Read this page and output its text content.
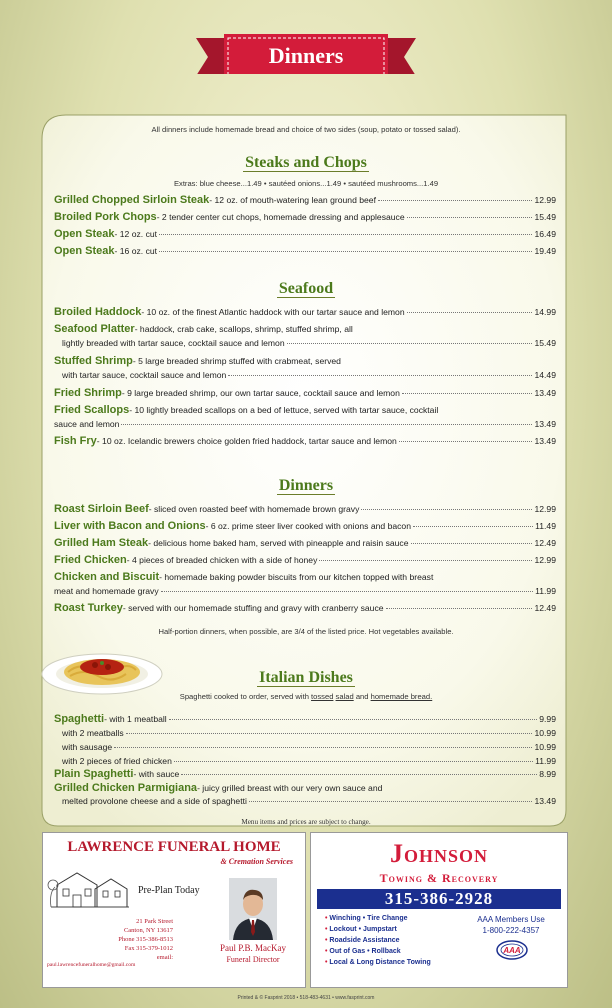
Dinners
All dinners include homemade bread and choice of two sides (soup, potato or tossed salad).
Steaks and Chops
Extras: blue cheese...1.49 • sautéed onions...1.49 • sautéed mushrooms...1.49
Grilled Chopped Sirloin Steak - 12 oz. of mouth-watering lean ground beef	12.99
Broiled Pork Chops - 2 tender center cut chops, homemade dressing and applesauce	15.49
Open Steak - 12 oz. cut	16.49
Open Steak - 16 oz. cut	19.49
Seafood
Broiled Haddock - 10 oz. of the finest Atlantic haddock with our tartar sauce and lemon	14.99
Seafood Platter - haddock, crab cake, scallops, shrimp, stuffed shrimp, all
lightly breaded with tartar sauce, cocktail sauce and lemon	15.49
Stuffed Shrimp - 5 large breaded shrimp stuffed with crabmeat, served
with tartar sauce, cocktail sauce and lemon	14.49
Fried Shrimp - 9 large breaded shrimp, our own tartar sauce, cocktail sauce and lemon	13.49
Fried Scallops - 10 lightly breaded scallops on a bed of lettuce, served with tartar sauce, cocktail
sauce and lemon	13.49
Fish Fry - 10 oz. Icelandic brewers choice golden fried haddock, tartar sauce and lemon	13.49
Dinners
Roast Sirloin Beef - sliced oven roasted beef with homemade brown gravy	12.99
Liver with Bacon and Onions - 6 oz. prime steer liver cooked with onions and bacon	11.49
Grilled Ham Steak - delicious home baked ham, served with pineapple and raisin sauce	12.49
Fried Chicken - 4 pieces of breaded chicken with a side of honey	12.99
Chicken and Biscuit - homemade baking powder biscuits from our kitchen topped with breast
meat and homemade gravy	11.99
Roast Turkey - served with our homemade stuffing and gravy with cranberry sauce	12.49
Half-portion dinners, when possible, are 3/4 of the listed price. Hot vegetables available.
Italian Dishes
Spaghetti cooked to order, served with tossed salad and homemade bread.
Spaghetti - with 1 meatball	9.99
with 2 meatballs	10.99
with sausage	10.99
with 2 pieces of fried chicken	11.99
Plain Spaghetti - with sauce	8.99
Grilled Chicken Parmigiana - juicy grilled breast with our very own sauce and
melted provolone cheese and a side of spaghetti	13.49
Menu items and prices are subject to change.
LAWRENCE FUNERAL HOME
& Cremation Services
Pre-Plan Today
21 Park Street
Canton, NY 13617
Phone 315-386-8513
Fax 315-379-1012
email:
paul.lawrencefuneralhome@gmail.com
Paul P.B. MacKay
Funeral Director
Johnson
Towing & Recovery
315-386-2928
• Winching • Tire Change
• Lockout • Jumpstart
• Roadside Assistance
• Out of Gas • Rollback
• Local & Long Distance Towing
AAA Members Use
1-800-222-4357
AAA
Printed & © Fasprint 2018 • 518-483-4631 • www.fasprint.com
